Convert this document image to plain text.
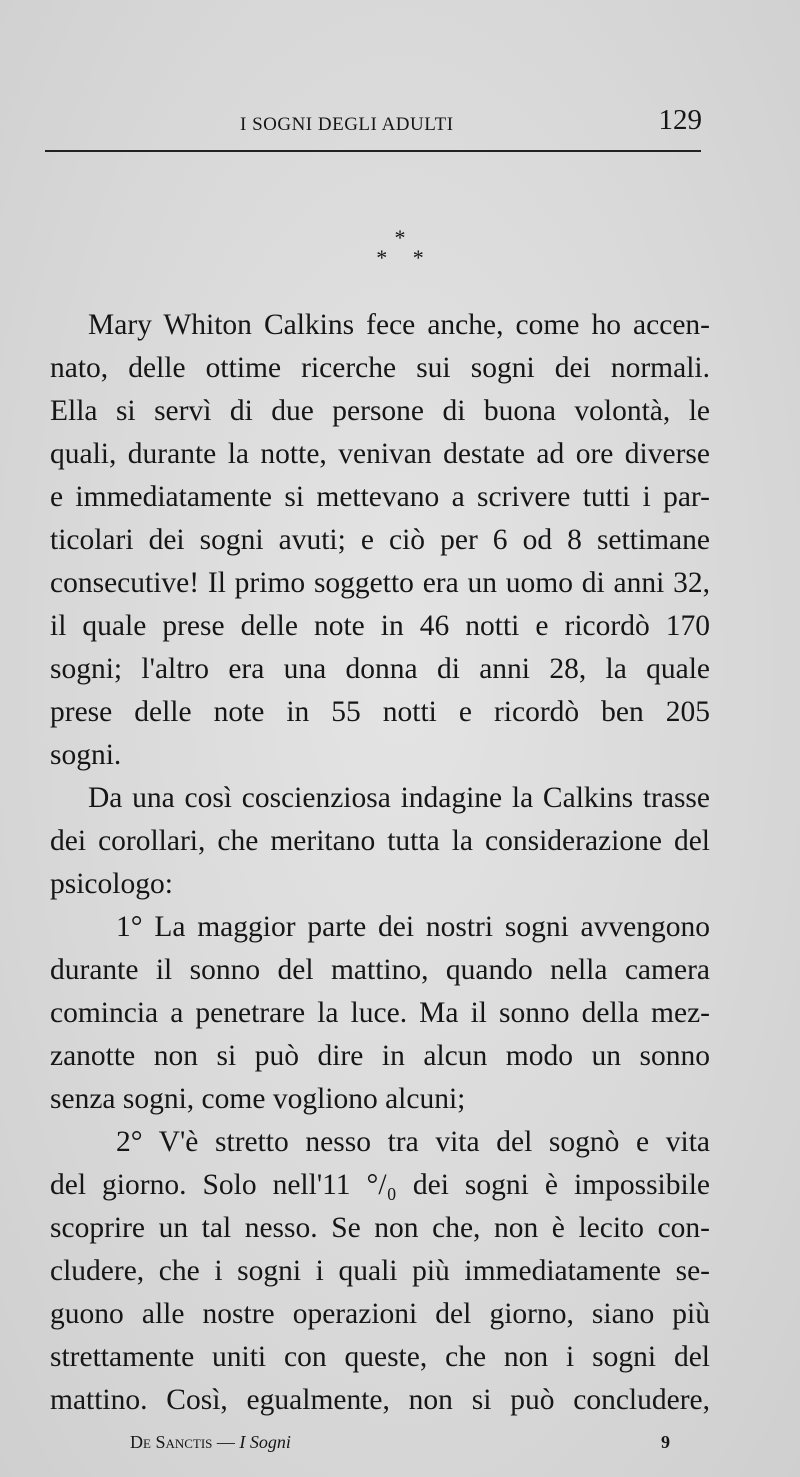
I SOGNI DEGLI ADULTI	129
*
* *
Mary Whiton Calkins fece anche, come ho accen-
nato, delle ottime ricerche sui sogni dei normali.
Ella si servì di due persone di buona volontà, le
quali, durante la notte, venivan destate ad ore diverse
e immediatamente si mettevano a scrivere tutti i par-
ticolari dei sogni avuti; e ciò per 6 od 8 settimane
consecutive! Il primo soggetto era un uomo di anni 32,
il quale prese delle note in 46 notti e ricordò 170
sogni; l'altro era una donna di anni 28, la quale
prese delle note in 55 notti e ricordò ben 205
sogni.
Da una così coscienziosa indagine la Calkins trasse
dei corollari, che meritano tutta la considerazione del
psicologo:
1° La maggior parte dei nostri sogni avvengono
durante il sonno del mattino, quando nella camera
comincia a penetrare la luce. Ma il sonno della mez-
zanotte non si può dire in alcun modo un sonno
senza sogni, come vogliono alcuni;
2° V'è stretto nesso tra vita del sognò e vita
del giorno. Solo nell'11 °/₀ dei sogni è impossibile
scoprire un tal nesso. Se non che, non è lecito con-
cludere, che i sogni i quali più immediatamente se-
guono alle nostre operazioni del giorno, siano più
strettamente uniti con queste, che non i sogni del
mattino. Così, egualmente, non si può concludere,
De Sanctis — I Sogni	9
